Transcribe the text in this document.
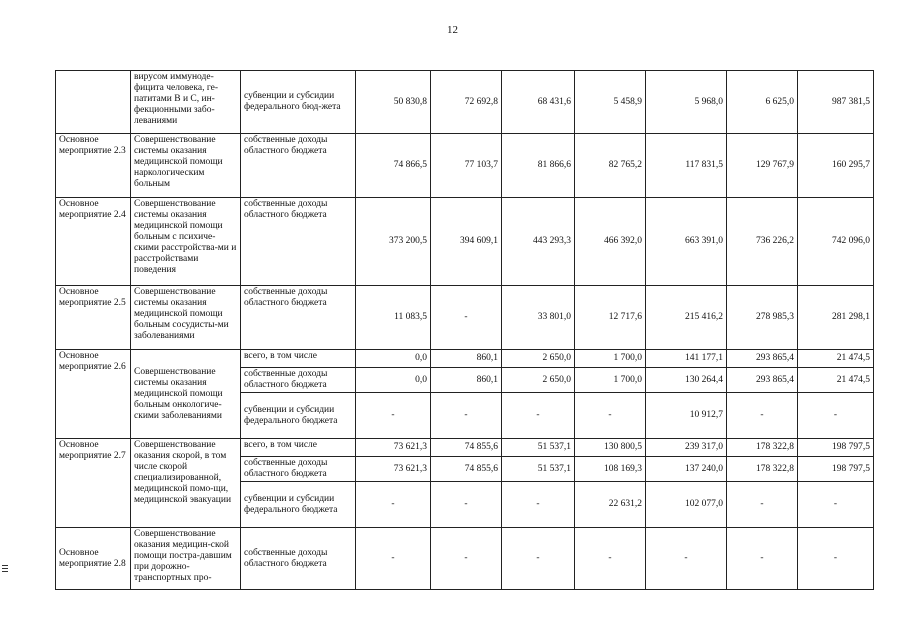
12
	вирусом иммуноде-фицита человека, ге-патитами В и С, ин-фекционными забо-леваниями	субвенции и субсидии федерального бюд-жета	50 830,8	72 692,8	68 431,6	5 458,9	5 968,0	6 625,0	987 381,5
Основное мероприятие 2.3	Совершенствование системы оказания медицинской помощи наркологическим больным	собственные доходы областного бюджета	74 866,5	77 103,7	81 866,6	82 765,2	117 831,5	129 767,9	160 295,7
Основное мероприятие 2.4	Совершенствование системы оказания медицинской помощи больным с психиче-скими расстройства-ми и расстройствами поведения	собственные доходы областного бюджета	373 200,5	394 609,1	443 293,3	466 392,0	663 391,0	736 226,2	742 096,0
Основное мероприятие 2.5	Совершенствование системы оказания медицинской помощи больным сосудисты-ми заболеваниями	собственные доходы областного бюджета	11 083,5	-	33 801,0	12 717,6	215 416,2	278 985,3	281 298,1
Основное мероприятие 2.6	Совершенствование системы оказания медицинской помощи больным онкологиче-скими заболеваниями	всего, в том числе	0,0	860,1	2 650,0	1 700,0	141 177,1	293 865,4	21 474,5
		собственные доходы областного бюджета	0,0	860,1	2 650,0	1 700,0	130 264,4	293 865,4	21 474,5
		субвенции и субсидии федерального бюджета	-	-	-	-	10 912,7	-	-
Основное мероприятие 2.7	Совершенствование оказания скорой, в том числе скорой специализированной, медицинской помо-щи, медицинской эвакуации	всего, в том числе	73 621,3	74 855,6	51 537,1	130 800,5	239 317,0	178 322,8	198 797,5
		собственные доходы областного бюджета	73 621,3	74 855,6	51 537,1	108 169,3	137 240,0	178 322,8	198 797,5
		субвенции и субсидии федерального бюджета	-	-	-	22 631,2	102 077,0	-	-
Основное мероприятие 2.8	Совершенствование оказания медицин-ской помощи постра-давшим при дорожно-транспортных про-	собственные доходы областного бюджета	-	-	-	-	-	-	-
